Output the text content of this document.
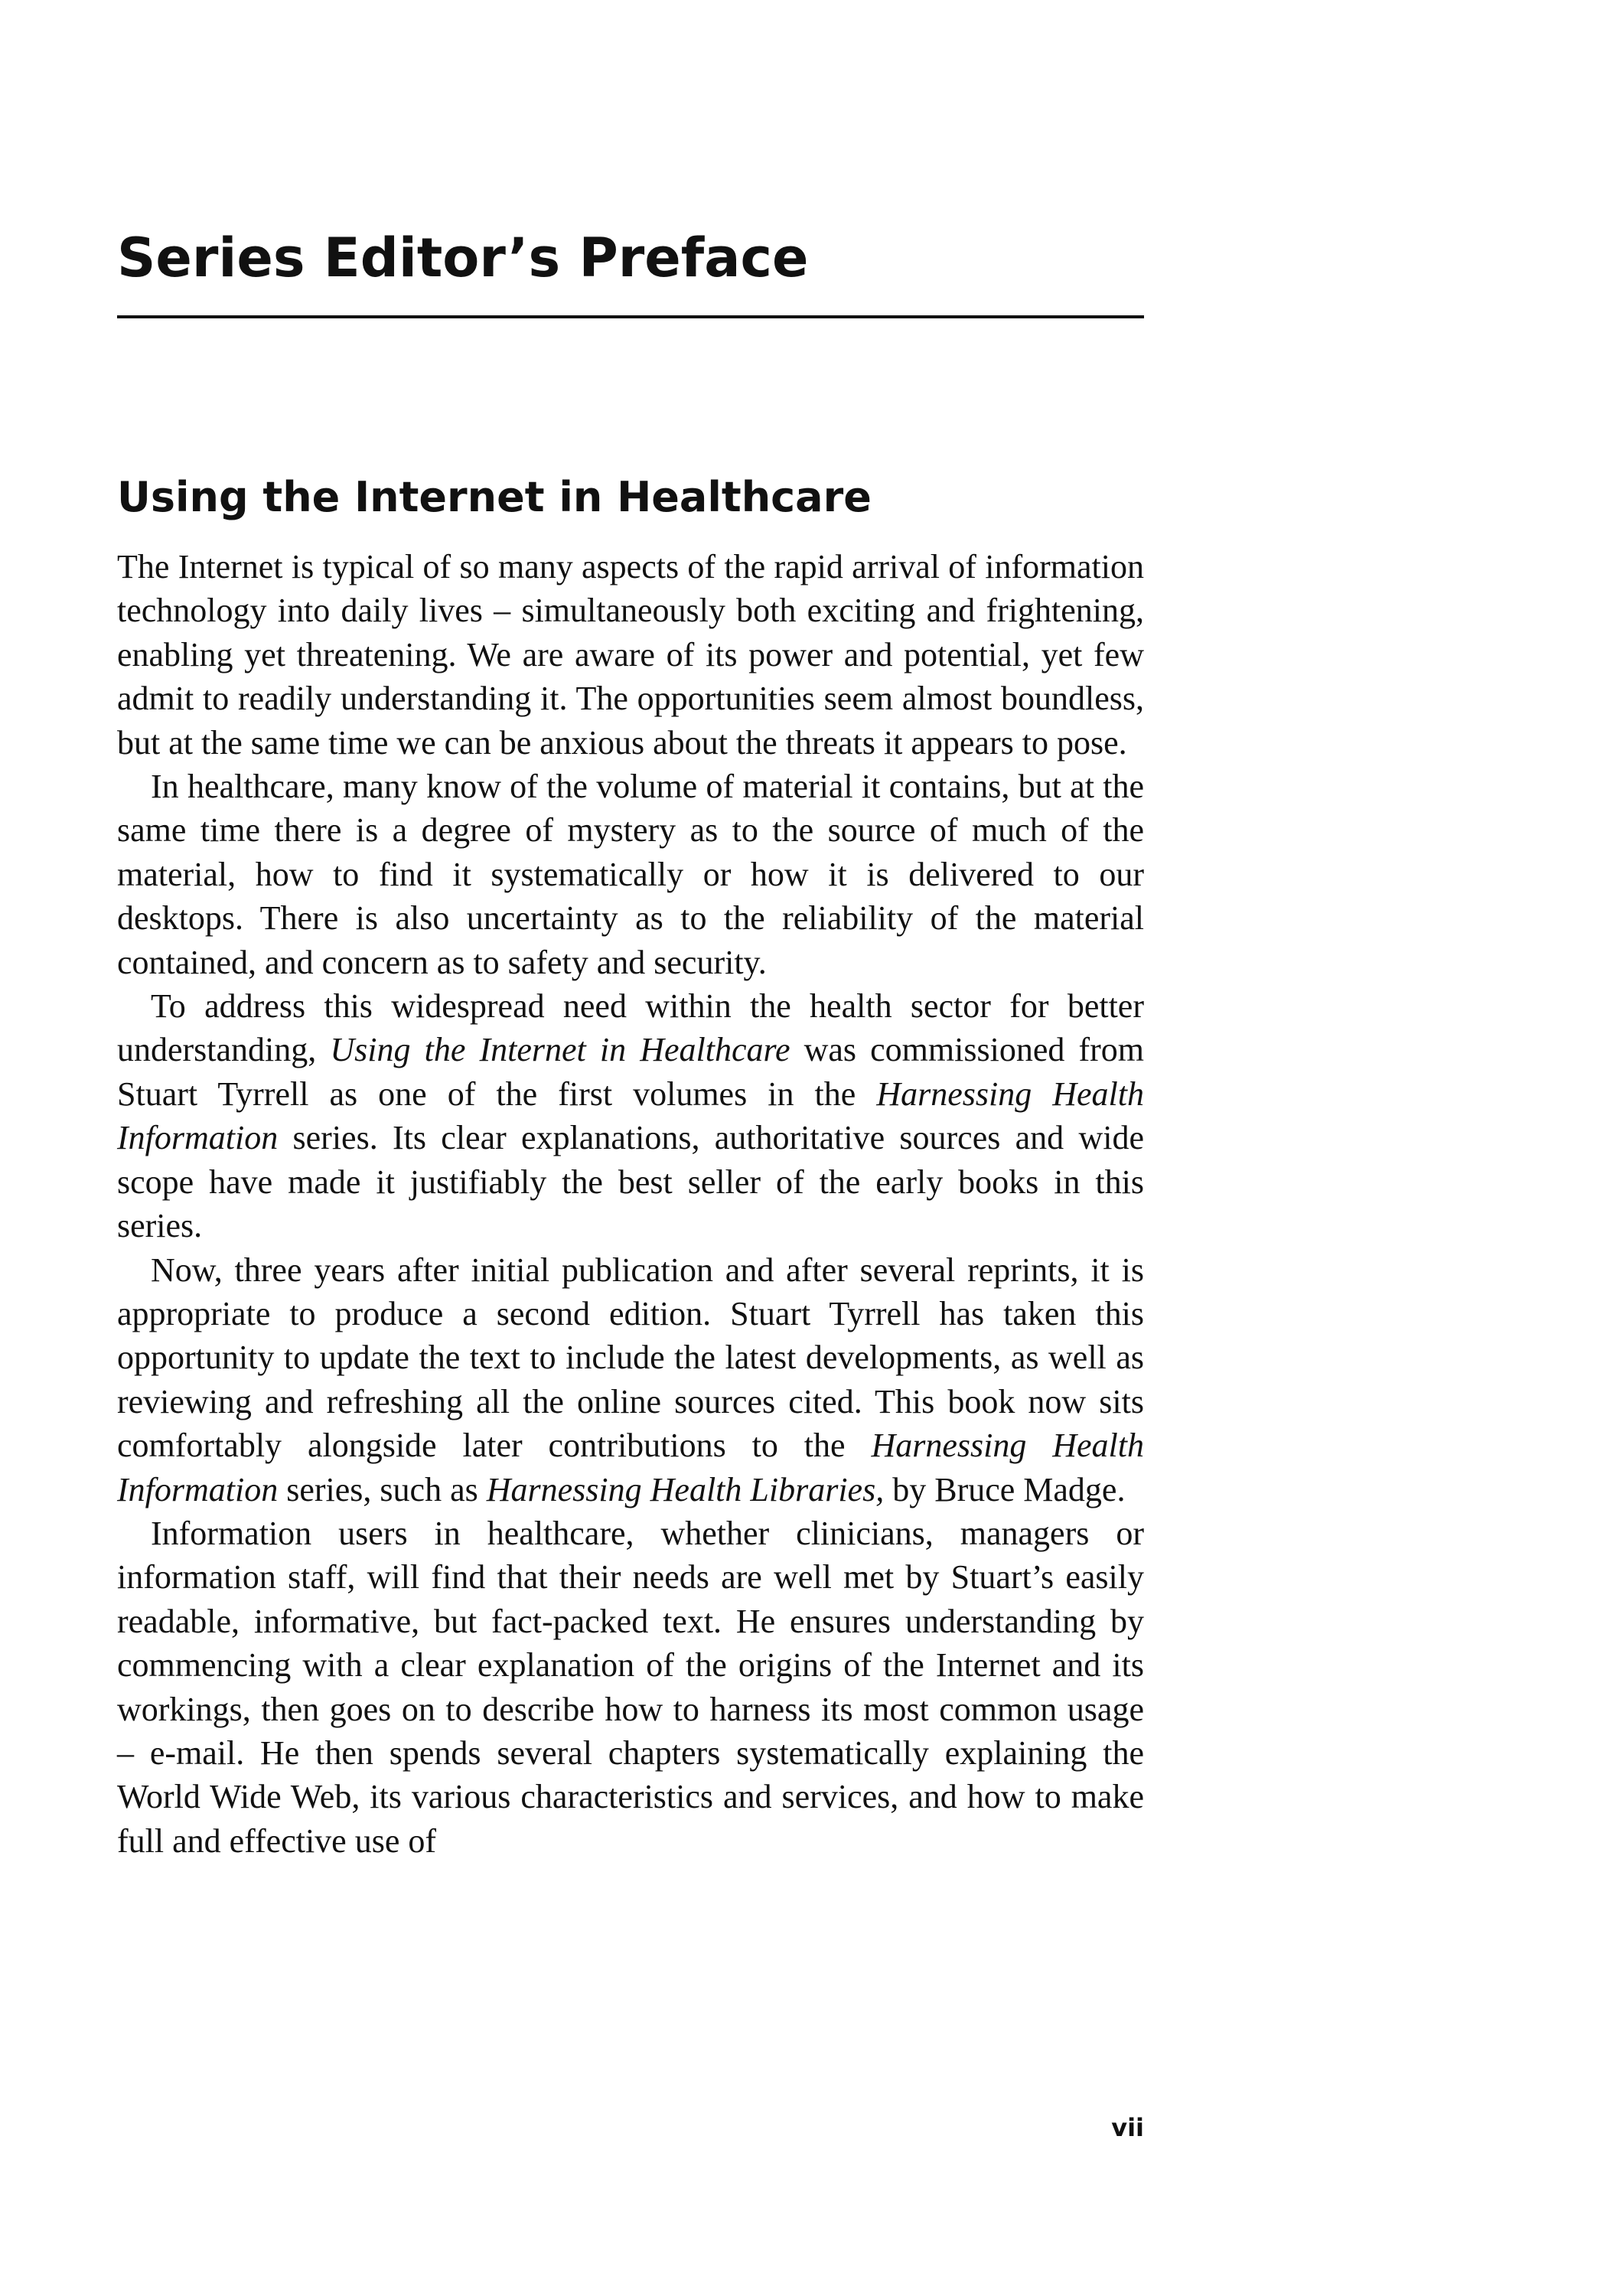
Series Editor’s Preface
Using the Internet in Healthcare

The Internet is typical of so many aspects of the rapid arrival of information technology into daily lives – simultaneously both exciting and frightening, enabling yet threatening. We are aware of its power and potential, yet few admit to readily understanding it. The opportunities seem almost boundless, but at the same time we can be anxious about the threats it appears to pose.

In healthcare, many know of the volume of material it contains, but at the same time there is a degree of mystery as to the source of much of the material, how to find it systematically or how it is delivered to our desktops. There is also uncertainty as to the reliability of the material contained, and concern as to safety and security.

To address this widespread need within the health sector for better understanding, Using the Internet in Healthcare was commissioned from Stuart Tyrrell as one of the first volumes in the Harnessing Health Information series. Its clear explanations, authoritative sources and wide scope have made it justifiably the best seller of the early books in this series.

Now, three years after initial publication and after several reprints, it is appropriate to produce a second edition. Stuart Tyrrell has taken this opportunity to update the text to include the latest developments, as well as reviewing and refreshing all the online sources cited. This book now sits comfortably alongside later contributions to the Harnessing Health Information series, such as Harnessing Health Libraries, by Bruce Madge.

Information users in healthcare, whether clinicians, managers or information staff, will find that their needs are well met by Stuart’s easily readable, informative, but fact-packed text. He ensures understanding by commencing with a clear explanation of the origins of the Internet and its workings, then goes on to describe how to harness its most common usage – e-mail. He then spends several chapters systematically explaining the World Wide Web, its various characteristics and services, and how to make full and effective use of

vii
